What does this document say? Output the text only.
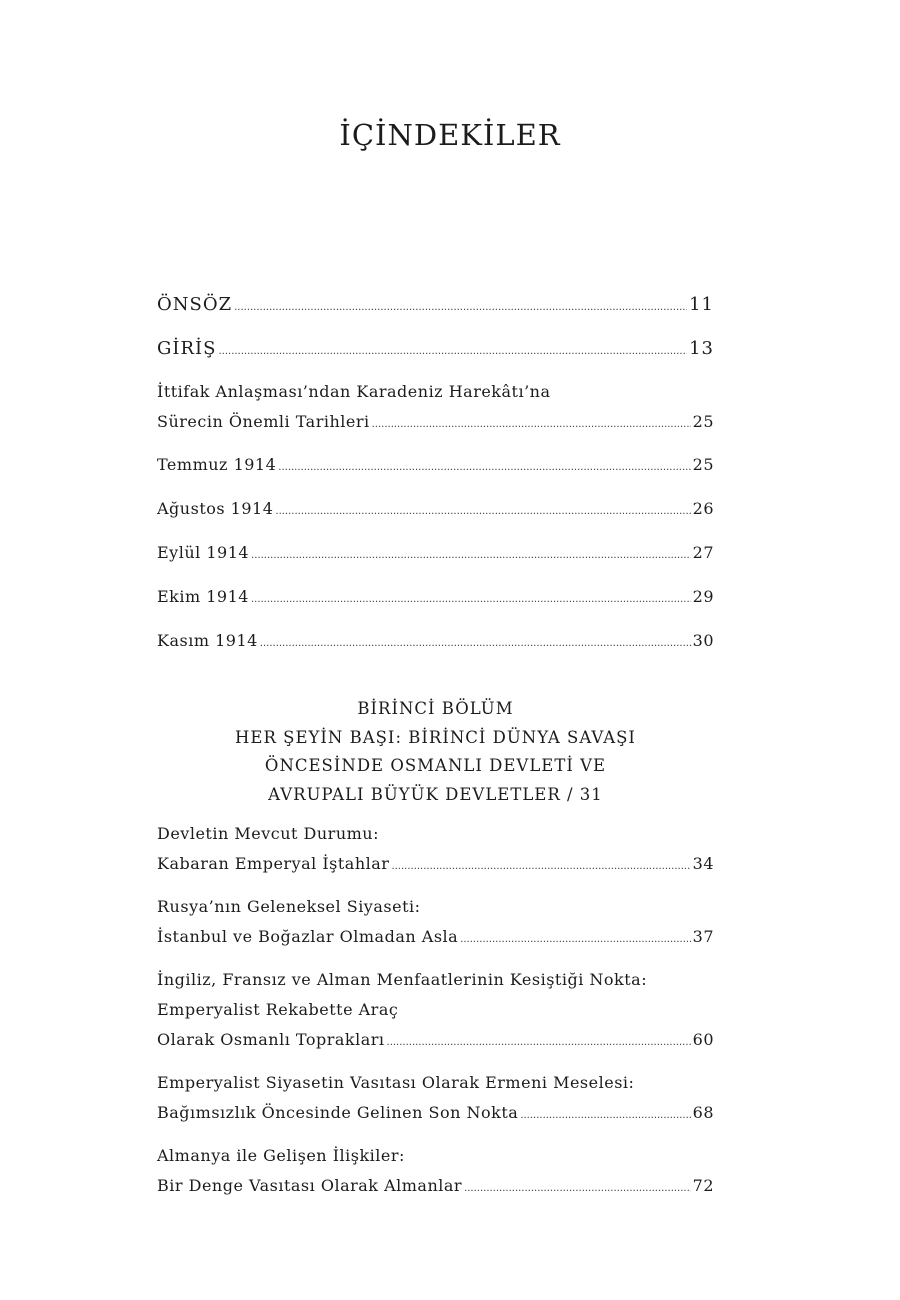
İÇİNDEKİLER
ÖNSÖZ .....	11
GİRİŞ .....	13
İttifak Anlaşması’ndan Karadeniz Harekâtı’na
Sürecin Önemli Tarihleri .....	25
Temmuz 1914 .....	25
Ağustos 1914 .....	26
Eylül 1914 .....	27
Ekim 1914 .....	29
Kasım 1914 .....	30
BİRİNCİ BÖLÜM
HER ŞEYİN BAŞI: BİRİNCİ DÜNYA SAVAŞI
ÖNCESİNDE OSMANLI DEVLETİ VE
AVRUPALI BÜYÜK DEVLETLER / 31
Devletin Mevcut Durumu:
Kabaran Emperyal İştahlar .....	34
Rusya’nın Geleneksel Siyaseti:
İstanbul ve Boğazlar Olmadan Asla .....	37
İngiliz, Fransız ve Alman Menfaatlerinin Kesiştiği Nokta:
Emperyalist Rekabette Araç
Olarak Osmanlı Toprakları .....	60
Emperyalist Siyasetin Vasıtası Olarak Ermeni Meselesi:
Bağımsızlık Öncesinde Gelinen Son Nokta .....	68
Almanya ile Gelişen İlişkiler:
Bir Denge Vasıtası Olarak Almanlar .....	72
